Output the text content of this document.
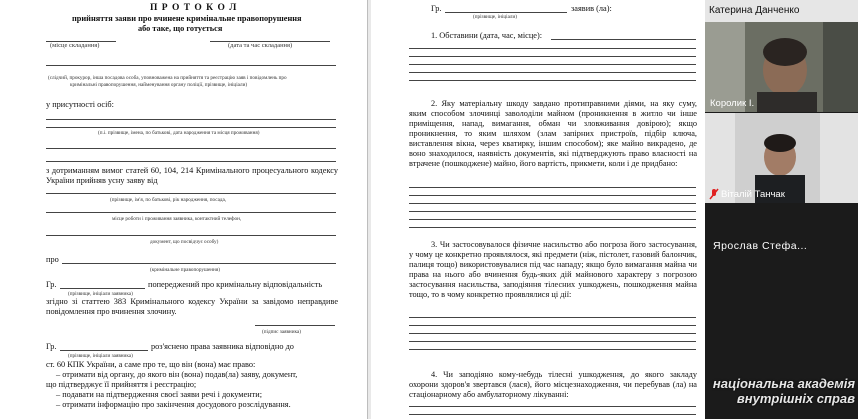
П Р О Т О К О Л
прийняття заяви про вчинене кримінальне правопорушення
або таке, що готується
(місце складання)	(дата та час складання)
(слідчий, прокурор, інша посадова особа, уповноважена на прийняття та реєстрацію заяв і повідомлень про
кримінальні правопорушення, найменування органу поліції, прізвище, ініціали)
у присутності осіб:
(п.і. прізвище, імена, по батькові, дата народження та місця проживання)
з дотриманням вимог статей 60, 104, 214 Кримінального процесуального кодексу України прийняв усну заяву від
(прізвище, ім'я, по батькові, рік народження, посада,
місце роботи і проживання заявника, контактний телефон,
документ, що посвідчує особу)
про
(кримінальне правопорушення)
Гр.	попереджений про кримінальну відповідальність
(прізвище, ініціали заявника)
згідно зі статтею 383 Кримінального кодексу України за завідомо неправдиве повідомлення про вчинення злочину.
(підпис заявника)
Гр.	роз'яснено права заявника відповідно до
(прізвище, ініціали заявника)
ст. 60 КПК України, а саме про те, що він (вона) має право:
– отримати від органу, до якого він (вона) подав(ла) заяву, документ,
що підтверджує її прийняття і реєстрацію;
– подавати на підтвердження своєї заяви речі і документи;
– отримати інформацію про закінчення досудового розслідування.
Гр.	заявив (ла):
(прізвище, ініціали)
1. Обставини (дата, час, місце):
2. Яку матеріальну шкоду завдано протиправними діями, на яку суму, яким способом злочинці заволоділи майном (проникнення в житло чи інше приміщення, напад, вимагання, обман чи зловживання довірою); якщо проникнення, то яким шляхом (злам запірних пристроїв, підбір ключа, виставлення вікна, через кватирку, іншим способом); яке майно викрадено, де воно знаходилося, наявність документів, які підтверджують право власності на втрачене (пошкоджене) майно, його вартість, прикмети, коли і де придбано:
3. Чи застосовувалося фізичне насильство або погроза його застосування, у чому це конкретно проявлялося, які предмети (ніж, пістолет, газовий балончик, палиця тощо) використовувалися під час нападу; якщо було вимагання майна чи права на нього або вчинення будь-яких дій майнового характеру з погрозою застосування насильства, заподіяння тілесних ушкоджень, пошкодження майна тощо, то в чому конкретно проявлялися ці дії:
4. Чи заподіяно кому-небудь тілесні ушкодження, до якого закладу охорони здоров'я звертався (лася), його місцезнаходження, чи перебував (ла) на стаціонарному або амбулаторному лікуванні:
Катерина Данченко
Королик І.
Віталій Танчак
Ярослав Стефа...
національна академія
внутрішніх справ
